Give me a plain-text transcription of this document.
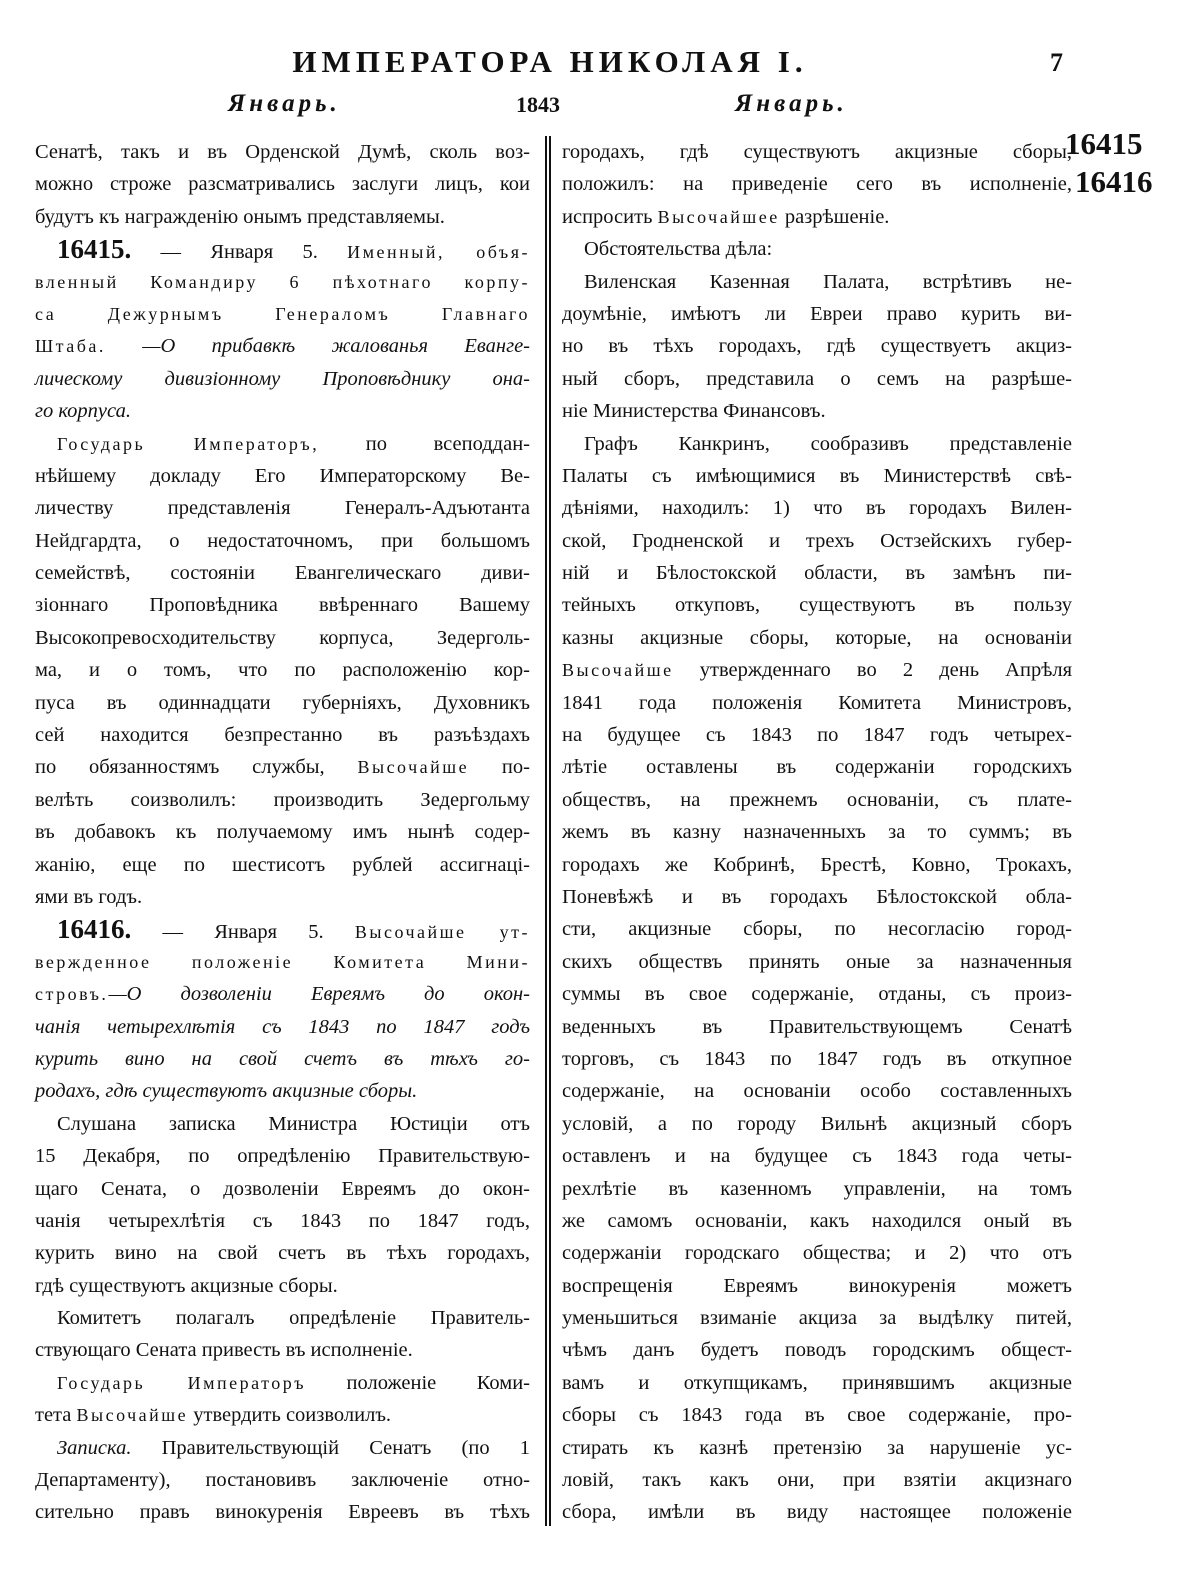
ИМПЕРАТОРА НИКОЛАЯ I.	7
Январь.	1843	Январь.
16415
16416
Сенатѣ, такъ и въ Орденской Думѣ, сколь воз-
можно строже разсматривались заслуги лицъ, кои
будутъ къ награжденію онымъ представляемы.
16415. — Января 5. Именный, объя-
вленный Командиру 6 пѣхотнаго корпу-
са Дежурнымъ Генераломъ Главнаго
Штаба. —О прибавкѣ жалованья Еванге-
лическому дивизіонному Проповѣднику она-
го корпуса.
Государь Императоръ, по всеподдан-
нѣйшему докладу Его Императорскому Ве-
личеству представленія Генералъ-Адъютанта
Нейдгардта, о недостаточномъ, при большомъ
семействѣ, состояніи Евангелическаго диви-
зіоннаго Проповѣдника ввѣреннаго Вашему
Высокопревосходительству корпуса, Зедерголь-
ма, и о томъ, что по расположенію кор-
пуса въ одиннадцати губерніяхъ, Духовникъ
сей находится безпрестанно въ разъѣздахъ
по обязанностямъ службы, Высочайше по-
велѣть соизволилъ: производить Зедергольму
въ добавокъ къ получаемому имъ нынѣ содер-
жанію, еще по шестисотъ рублей ассигнаці-
ями въ годъ.
16416. — Января 5. Высочайше ут-
вержденное положеніе Комитета Мини-
стровъ.—О дозволеніи Евреямъ до окон-
чанія четырехлѣтія съ 1843 по 1847 годъ
курить вино на свой счетъ въ тѣхъ го-
родахъ, гдѣ существуютъ акцизные сборы.
Слушана записка Министра Юстиціи отъ
15 Декабря, по опредѣленію Правительствую-
щаго Сената, о дозволеніи Евреямъ до окон-
чанія четырехлѣтія съ 1843 по 1847 годъ,
курить вино на свой счетъ въ тѣхъ городахъ,
гдѣ существуютъ акцизные сборы.
Комитетъ полагалъ опредѣленіе Правитель-
ствующаго Сената привесть въ исполненіе.
Государь Императоръ положеніе Коми-
тета Высочайше утвердить соизволилъ.
Записка. Правительствующій Сенатъ (по 1
Департаменту), постановивъ заключеніе отно-
сительно правъ винокуренія Евреевъ въ тѣхъ
городахъ, гдѣ существуютъ акцизные сборы,
положилъ: на приведеніе сего въ исполненіе,
испросить Высочайшее разрѣшеніе.
Обстоятельства дѣла:
Виленская Казенная Палата, встрѣтивъ не-
доумѣніе, имѣютъ ли Евреи право курить ви-
но въ тѣхъ городахъ, гдѣ существуетъ акциз-
ный сборъ, представила о семъ на разрѣше-
ніе Министерства Финансовъ.
Графъ Канкринъ, сообразивъ представленіе
Палаты съ имѣющимися въ Министерствѣ свѣ-
дѣніями, находилъ: 1) что въ городахъ Вилен-
ской, Гродненской и трехъ Остзейскихъ губер-
ній и Бѣлостокской области, въ замѣнъ пи-
тейныхъ откуповъ, существуютъ въ пользу
казны акцизные сборы, которые, на основаніи
Высочайше утвержденнаго во 2 день Апрѣля
1841 года положенія Комитета Министровъ,
на будущее съ 1843 по 1847 годъ четырех-
лѣтіе оставлены въ содержаніи городскихъ
обществъ, на прежнемъ основаніи, съ плате-
жемъ въ казну назначенныхъ за то суммъ; въ
городахъ же Кобринѣ, Брестѣ, Ковно, Трокахъ,
Поневѣжѣ и въ городахъ Бѣлостокской обла-
сти, акцизные сборы, по несогласію город-
скихъ обществъ принять оные за назначенныя
суммы въ свое содержаніе, отданы, съ произ-
веденныхъ въ Правительствующемъ Сенатѣ
торговъ, съ 1843 по 1847 годъ въ откупное
содержаніе, на основаніи особо составленныхъ
условій, а по городу Вильнѣ акцизный сборъ
оставленъ и на будущее съ 1843 года четы-
рехлѣтіе въ казенномъ управленіи, на томъ
же самомъ основаніи, какъ находился оный въ
содержаніи городскаго общества; и 2) что отъ
воспрещенія Евреямъ винокуренія можетъ
уменьшиться взиманіе акциза за выдѣлку питей,
чѣмъ данъ будетъ поводъ городскимъ общест-
вамъ и откупщикамъ, принявшимъ акцизные
сборы съ 1843 года въ свое содержаніе, про-
стирать къ казнѣ претензію за нарушеніе ус-
ловій, такъ какъ они, при взятіи акцизнаго
сбора, имѣли въ виду настоящее положеніе
